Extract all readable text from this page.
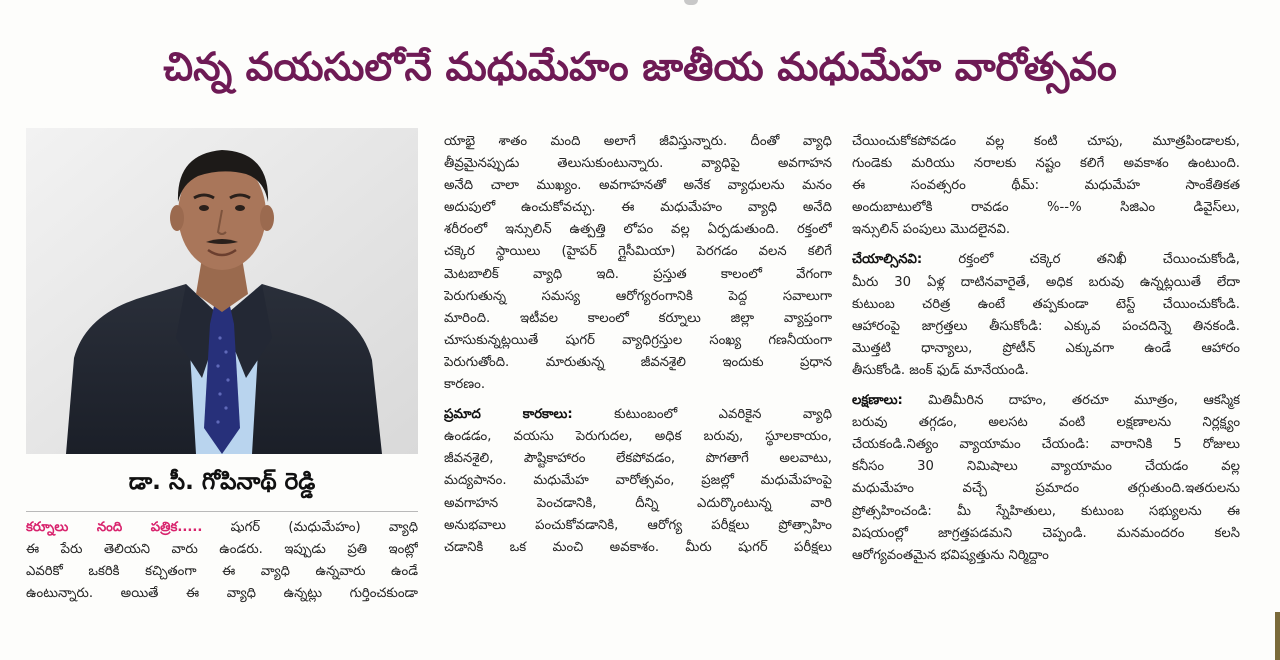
చిన్న వయసులోనే మధుమేహం జాతీయ మధుమేహ వారోత్సవం
డా. సీ. గోపినాథ్ రెడ్డి
కర్నూలు నంది పత్రిక..... షుగర్ (మధుమేహం) వ్యాధి
ఈ పేరు తెలియని వారు ఉండరు. ఇప్పుడు ప్రతి ఇంట్లో
ఎవరికో ఒకరికి కచ్చితంగా ఈ వ్యాధి ఉన్నవారు ఉండే
ఉంటున్నారు. అయితే ఈ వ్యాధి ఉన్నట్లు గుర్తించకుండా
యాభై శాతం మంది అలాగే జీవిస్తున్నారు. దీంతో వ్యాధి
తీవ్రమైనప్పుడు తెలుసుకుంటున్నారు. వ్యాధిపై అవగాహన
అనేది చాలా ముఖ్యం. అవగాహనతో అనేక వ్యాధులను మనం
అదుపులో ఉంచుకోవచ్చు. ఈ మధుమేహం వ్యాధి అనేది
శరీరంలో ఇన్సులిన్ ఉత్పత్తి లోపం వల్ల ఏర్పడుతుంది. రక్తంలో
చక్కెర స్థాయిలు (హైపర్ గ్లైసీమియా) పెరగడం వలన కలిగే
మెటబాలిక్ వ్యాధి ఇది. ప్రస్తుత కాలంలో వేగంగా
పెరుగుతున్న సమస్య ఆరోగ్యరంగానికి పెద్ద సవాలుగా
మారింది. ఇటీవల కాలంలో కర్నూలు జిల్లా వ్యాప్తంగా
చూసుకున్నట్లయితే షుగర్ వ్యాధిగ్రస్తుల సంఖ్య గణనీయంగా
పెరుగుతోంది. మారుతున్న జీవనశైలి ఇందుకు ప్రధాన
కారణం.
ప్రమాద కారకాలు: కుటుంబంలో ఎవరికైన వ్యాధి
ఉండడం, వయసు పెరుగుదల, అధిక బరువు, స్థూలకాయం,
జీవనశైలి, పౌష్టికాహారం లేకపోవడం, పొగతాగే అలవాటు,
మద్యపానం. మధుమేహ వారోత్సవం, ప్రజల్లో మధుమేహంపై
అవగాహన పెంచడానికి, దీన్ని ఎదుర్కొంటున్న వారి
అనుభవాలు పంచుకోవడానికి, ఆరోగ్య పరీక్షలు ప్రోత్సాహిం
చడానికి ఒక మంచి అవకాశం. మీరు షుగర్ పరీక్షలు
చేయించుకోకపోవడం వల్ల కంటి చూపు, మూత్రపిండాలకు,
గుండెకు మరియు నరాలకు నష్టం కలిగే అవకాశం ఉంటుంది.
ఈ సంవత్సరం థీమ్: మధుమేహ సాంకేతికత
అందుబాటులోకి రావడం %--% సిజిఎం డివైస్‌లు,
ఇన్సులిన్ పంపులు మొదలైనవి.
చేయాల్సినవి: రక్తంలో చక్కెర తనిఖీ చేయించుకోండి,
మీరు 30 ఏళ్ల దాటినవారైతే, అధిక బరువు ఉన్నట్లయితే లేదా
కుటుంబ చరిత్ర ఉంటే తప్పకుండా టెస్ట్ చేయించుకోండి.
ఆహారంపై జాగ్రత్తలు తీసుకోండి: ఎక్కువ పంచదిన్నె తినకండి.
మొత్తటి ధాన్యాలు, ప్రోటీన్ ఎక్కువగా ఉండే ఆహారం
తీసుకోండి. జంక్ ఫుడ్ మానేయండి.
లక్షణాలు: మితిమీరిన దాహం, తరచూ మూత్రం, ఆకస్మిక
బరువు తగ్గడం, అలసట వంటి లక్షణాలను నిర్లక్ష్యం
చేయకండి.నిత్యం వ్యాయామం చేయండి: వారానికి 5 రోజులు
కనీసం 30 నిమిషాలు వ్యాయామం చేయడం వల్ల
మధుమేహం వచ్చే ప్రమాదం తగ్గుతుంది.ఇతరులను
ప్రోత్సహించండి: మీ స్నేహితులు, కుటుంబ సభ్యులను ఈ
విషయంల్లో జాగ్రత్తపడమని చెప్పండి. మనమందరం కలసి
ఆరోగ్యవంతమైన భవిష్యత్తును నిర్మిద్దాం
